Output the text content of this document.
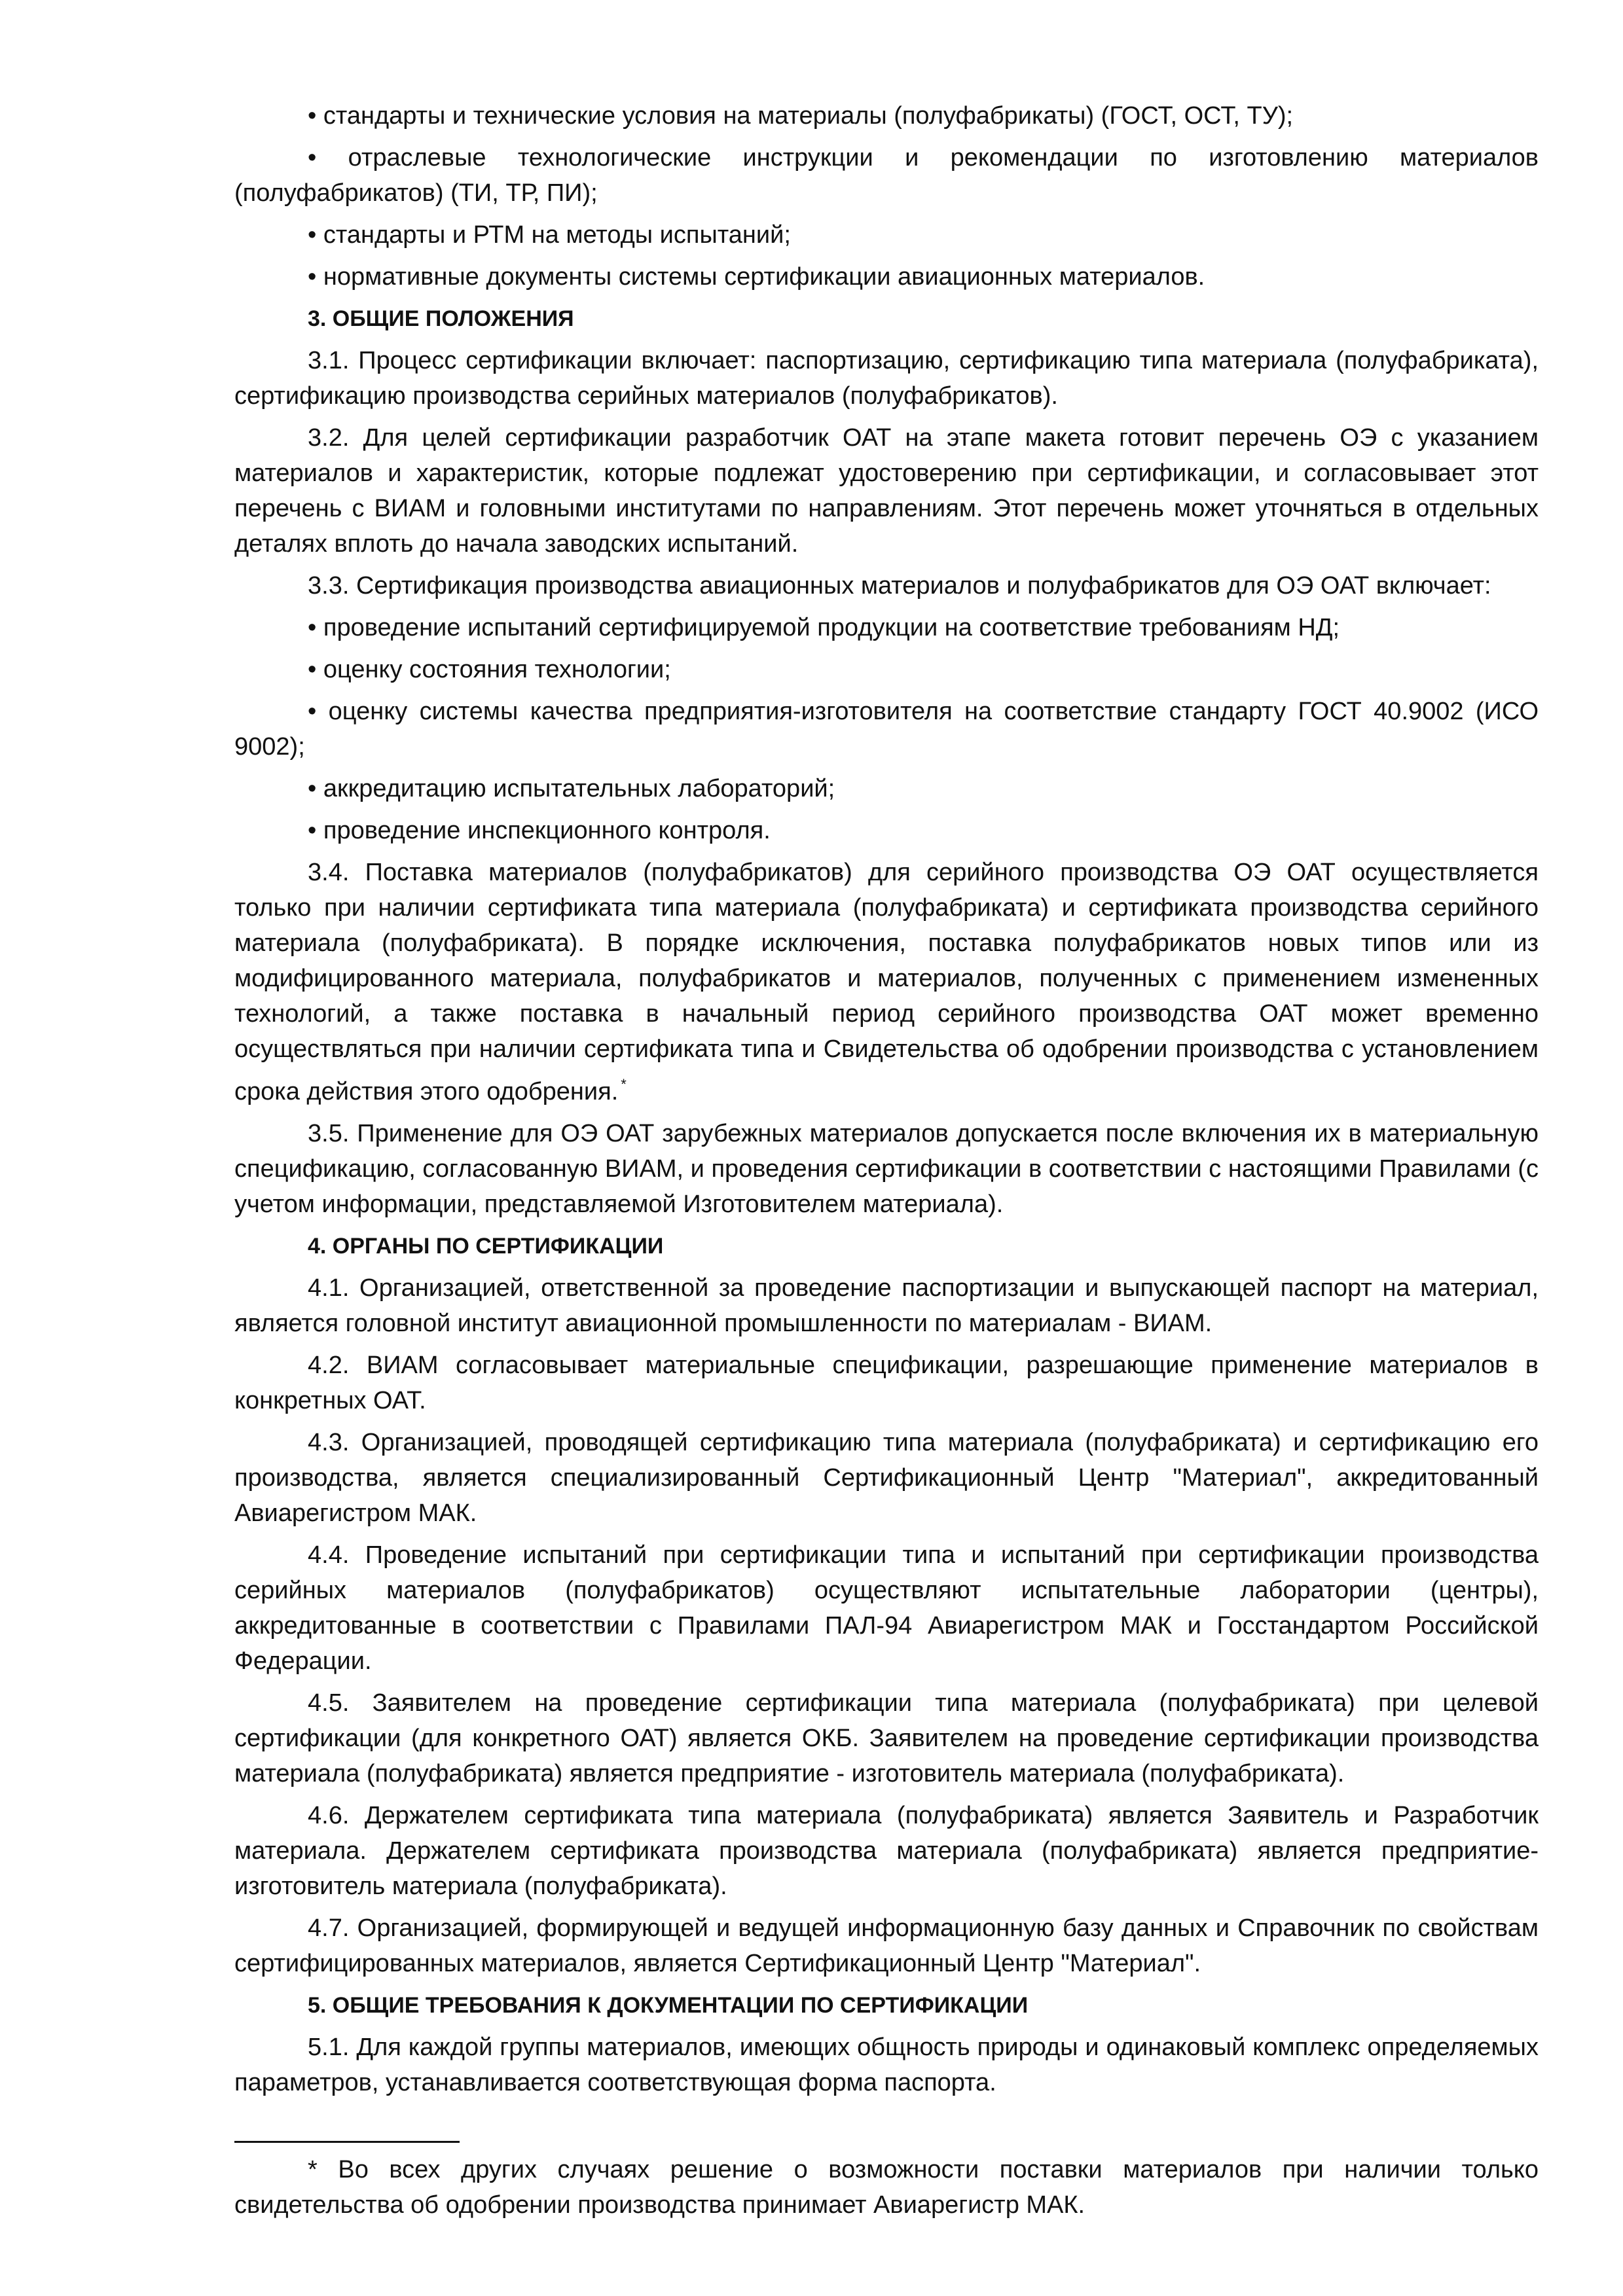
• стандарты и технические условия на материалы (полуфабрикаты) (ГОСТ, ОСТ, ТУ);

• отраслевые технологические инструкции и рекомендации по изготовлению материалов (полуфабрикатов) (ТИ, ТР, ПИ);

• стандарты и РТМ на методы испытаний;

• нормативные документы системы сертификации авиационных материалов.

3. ОБЩИЕ ПОЛОЖЕНИЯ

3.1. Процесс сертификации включает: паспортизацию, сертификацию типа материала (полуфабриката), сертификацию производства серийных материалов (полуфабрикатов).

3.2. Для целей сертификации разработчик ОАТ на этапе макета готовит перечень ОЭ с указанием материалов и характеристик, которые подлежат удостоверению при сертификации, и согласовывает этот перечень с ВИАМ и головными институтами по направлениям. Этот перечень может уточняться в отдельных деталях вплоть до начала заводских испытаний.

3.3. Сертификация производства авиационных материалов и полуфабрикатов для ОЭ ОАТ включает:

• проведение испытаний сертифицируемой продукции на соответствие требованиям НД;

• оценку состояния технологии;

• оценку системы качества предприятия-изготовителя на соответствие стандарту ГОСТ 40.9002 (ИСО 9002);

• аккредитацию испытательных лабораторий;

• проведение инспекционного контроля.

3.4. Поставка материалов (полуфабрикатов) для серийного производства ОЭ ОАТ осуществляется только при наличии сертификата типа материала (полуфабриката) и сертификата производства серийного материала (полуфабриката). В порядке исключения, поставка полуфабрикатов новых типов или из модифицированного материала, полуфабрикатов и материалов, полученных с применением измененных технологий, а также поставка в начальный период серийного производства ОАТ может временно осуществляться при наличии сертификата типа и Свидетельства об одобрении производства с установлением срока действия этого одобрения. *

3.5. Применение для ОЭ ОАТ зарубежных материалов допускается после включения их в материальную спецификацию, согласованную ВИАМ, и проведения сертификации в соответствии с настоящими Правилами (с учетом информации, представляемой Изготовителем материала).

4. ОРГАНЫ ПО СЕРТИФИКАЦИИ

4.1. Организацией, ответственной за проведение паспортизации и выпускающей паспорт на материал, является головной институт авиационной промышленности по материалам - ВИАМ.

4.2. ВИАМ согласовывает материальные спецификации, разрешающие применение материалов в конкретных ОАТ.

4.3. Организацией, проводящей сертификацию типа материала (полуфабриката) и сертификацию его производства, является специализированный Сертификационный Центр "Материал", аккредитованный Авиарегистром МАК.

4.4. Проведение испытаний при сертификации типа и испытаний при сертификации производства серийных материалов (полуфабрикатов) осуществляют испытательные лаборатории (центры), аккредитованные в соответствии с Правилами ПАЛ-94 Авиарегистром МАК и Госстандартом Российской Федерации.

4.5. Заявителем на проведение сертификации типа материала (полуфабриката) при целевой сертификации (для конкретного ОАТ) является ОКБ. Заявителем на проведение сертификации производства материала (полуфабриката) является предприятие - изготовитель материала (полуфабриката).

4.6. Держателем сертификата типа материала (полуфабриката) является Заявитель и Разработчик материала. Держателем сертификата производства материала (полуфабриката) является предприятие-изготовитель материала (полуфабриката).

4.7. Организацией, формирующей и ведущей информационную базу данных и Справочник по свойствам сертифицированных материалов, является Сертификационный Центр "Материал".

5. ОБЩИЕ ТРЕБОВАНИЯ К ДОКУМЕНТАЦИИ ПО СЕРТИФИКАЦИИ

5.1. Для каждой группы материалов, имеющих общность природы и одинаковый комплекс определяемых параметров, устанавливается соответствующая форма паспорта.

* Во всех других случаях решение о возможности поставки материалов при наличии только свидетельства об одобрении производства принимает Авиарегистр МАК.
